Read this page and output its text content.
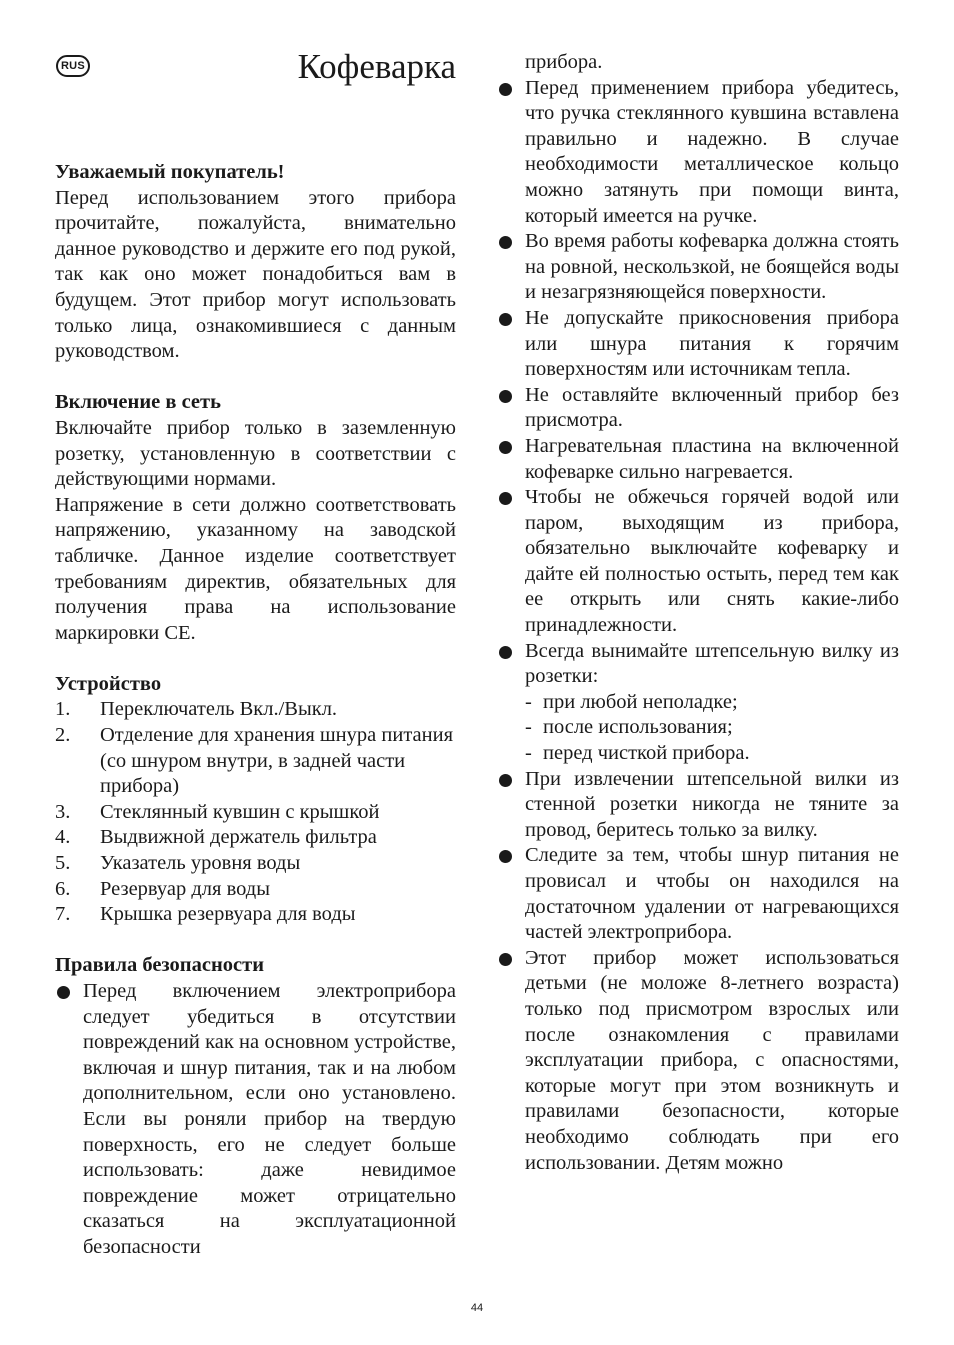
RUS	Кофеварка
Уважаемый покупатель!

Перед использованием этого прибора прочитайте, пожалуйста, внимательно данное руководство и держите его под рукой, так как оно может понадобиться вам в будущем. Этот прибор могут использовать только лица, ознакомившиеся с данным руководством.

Включение в сеть

Включайте прибор только в заземленную розетку, установленную в соответствии с действующими нормами.

Напряжение в сети должно соответствовать напряжению, указанному на заводской табличке. Данное изделие соответствует требованиям директив, обязательных для получения права на использование маркировки CE.

Устройство
1. Переключатель Вкл./Выкл.
2. Отделение для хранения шнура питания (со шнуром внутри, в задней части прибора)
3. Стеклянный кувшин с крышкой
4. Выдвижной держатель фильтра
5. Указатель уровня воды
6. Резервуар для воды
7. Крышка резервуара для воды
Правила безопасности
Перед включением электроприбора следует убедиться в отсутствии повреждений как на основном устройстве, включая и шнур питания, так и на любом дополнительном, если оно установлено. Если вы роняли прибор на твердую поверхность, его не следует больше использовать: даже невидимое повреждение может отрицательно сказаться на эксплуатационной безопасности

прибора.

Перед применением прибора убедитесь, что ручка стеклянного кувшина вставлена правильно и надежно. В случае необходимости металлическое кольцо можно затянуть при помощи винта, который имеется на ручке.
Во время работы кофеварка должна стоять на ровной, нескользкой, не боящейся воды и незагрязняющейся поверхности.
Не допускайте прикосновения прибора или шнура питания к горячим поверхностям или источникам тепла.
Не оставляйте включенный прибор без присмотра.
Нагревательная пластина на включенной кофеварке сильно нагревается.
Чтобы не обжечься горячей водой или паром, выходящим из прибора, обязательно выключайте кофеварку и дайте ей полностью остыть, перед тем как ее открыть или снять какие-либо принадлежности.
Всегда вынимайте штепсельную вилку из розетки:
- при любой неполадке;
- после использования;
- перед чисткой прибора.
При извлечении штепсельной вилки из стенной розетки никогда не тяните за провод, беритесь только за вилку.
Следите за тем, чтобы шнур питания не провисал и чтобы он находился на достаточном удалении от нагревающихся частей электроприбора.
Этот прибор может использоваться детьми (не моложе 8-летнего возраста) только под присмотром взрослых или после ознакомления с правилами эксплуатации прибора, с опасностями, которые могут при этом возникнуть и правилами безопасности, которые необходимо соблюдать при его использовании. Детям можно
44
